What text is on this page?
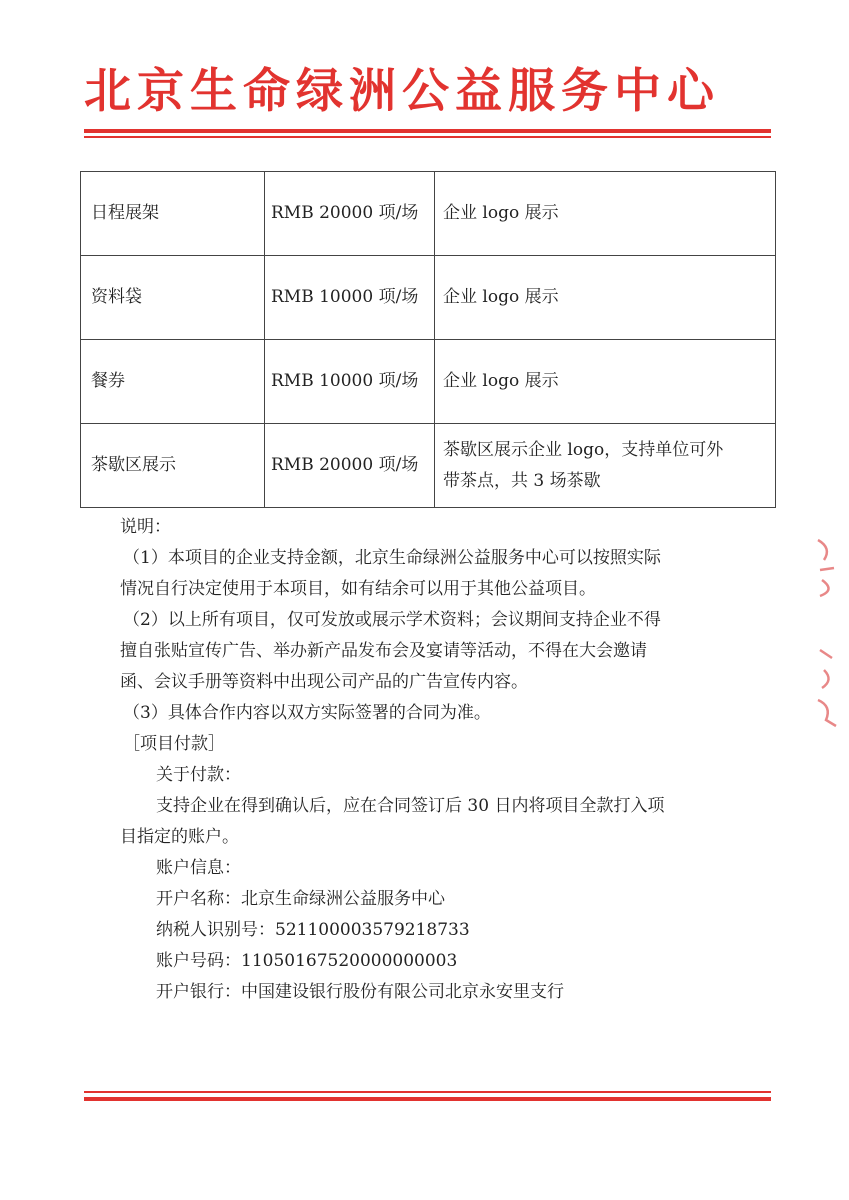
北京生命绿洲公益服务中心
日程展架	RMB 20000 项/场	企业 logo 展示
资料袋	RMB 10000 项/场	企业 logo 展示
餐券	RMB 10000 项/场	企业 logo 展示
茶歇区展示	RMB 20000 项/场	茶歇区展示企业 logo，支持单位可外
带茶点，共 3 场茶歇
说明：
（1）本项目的企业支持金额，北京生命绿洲公益服务中心可以按照实际
情况自行决定使用于本项目，如有结余可以用于其他公益项目。
（2）以上所有项目，仅可发放或展示学术资料；会议期间支持企业不得
擅自张贴宣传广告、举办新产品发布会及宴请等活动，不得在大会邀请
函、会议手册等资料中出现公司产品的广告宣传内容。
（3）具体合作内容以双方实际签署的合同为准。
［项目付款］
关于付款：
支持企业在得到确认后，应在合同签订后 30 日内将项目全款打入项
目指定的账户。
账户信息：
开户名称：北京生命绿洲公益服务中心
纳税人识别号：521100003579218733
账户号码：11050167520000000003
开户银行：中国建设银行股份有限公司北京永安里支行
